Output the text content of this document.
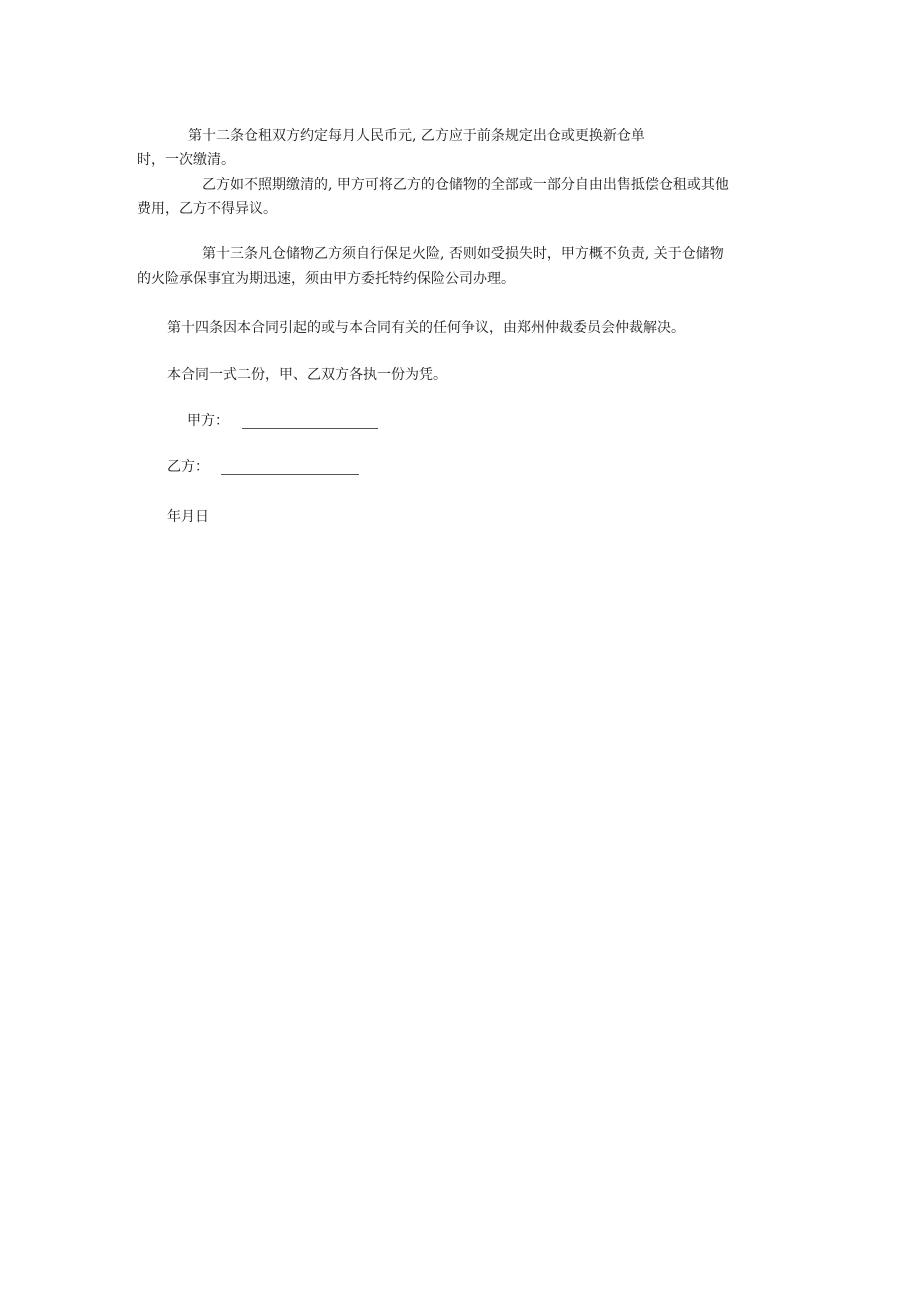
第十二条仓租双方约定每月人民币元, 乙方应于前条规定出仓或更换新仓单
时，一次缴清。
乙方如不照期缴清的, 甲方可将乙方的仓储物的全部或一部分自由出售抵偿仓租或其他
费用，乙方不得异议。
第十三条凡仓储物乙方须自行保足火险, 否则如受损失时，甲方概不负责, 关于仓储物
的火险承保事宜为期迅速，须由甲方委托特约保险公司办理。
第十四条因本合同引起的或与本合同有关的任何争议，由郑州仲裁委员会仲裁解决。
本合同一式二份，甲、乙双方各执一份为凭。
甲方：
乙方：
年月日
